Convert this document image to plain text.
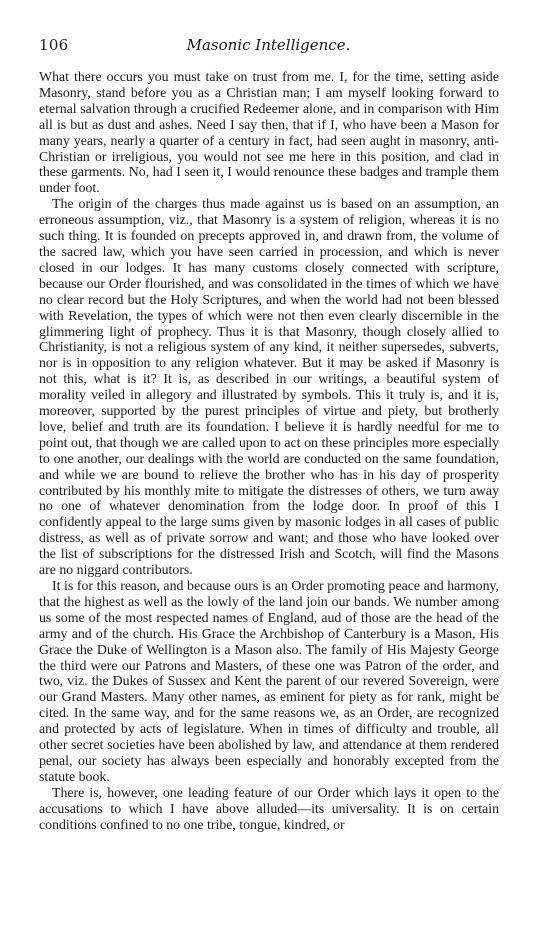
106	Masonic Intelligence.

What there occurs you must take on trust from me. I, for the time, setting aside Masonry, stand before you as a Christian man; I am myself looking forward to eternal salvation through a crucified Redeemer alone, and in comparison with Him all is but as dust and ashes. Need I say then, that if I, who have been a Mason for many years, nearly a quarter of a century in fact, had seen aught in masonry, anti-Christian or irreligious, you would not see me here in this position, and clad in these garments. No, had I seen it, I would renounce these badges and trample them under foot.

The origin of the charges thus made against us is based on an assumption, an erroneous assumption, viz., that Masonry is a system of religion, whereas it is no such thing. It is founded on precepts approved in, and drawn from, the volume of the sacred law, which you have seen carried in procession, and which is never closed in our lodges. It has many customs closely connected with scripture, because our Order flourished, and was consolidated in the times of which we have no clear record but the Holy Scriptures, and when the world had not been blessed with Revelation, the types of which were not then even clearly discernible in the glimmering light of prophecy. Thus it is that Masonry, though closely allied to Christianity, is not a religious system of any kind, it neither supersedes, subverts, nor is in opposition to any religion whatever. But it may be asked if Masonry is not this, what is it? It is, as described in our writings, a beautiful system of morality veiled in allegory and illustrated by symbols. This it truly is, and it is, moreover, supported by the purest principles of virtue and piety, but brotherly love, belief and truth are its foundation. I believe it is hardly needful for me to point out, that though we are called upon to act on these principles more especially to one another, our dealings with the world are conducted on the same foundation, and while we are bound to relieve the brother who has in his day of prosperity contributed by his monthly mite to mitigate the distresses of others, we turn away no one of whatever denomination from the lodge door. In proof of this I confidently appeal to the large sums given by masonic lodges in all cases of public distress, as well as of private sorrow and want; and those who have looked over the list of subscriptions for the distressed Irish and Scotch, will find the Masons are no niggard contributors.

It is for this reason, and because ours is an Order promoting peace and harmony, that the highest as well as the lowly of the land join our bands. We number among us some of the most respected names of England, aud of those are the head of the army and of the church. His Grace the Archbishop of Canterbury is a Mason, His Grace the Duke of Wellington is a Mason also. The family of His Majesty George the third were our Patrons and Masters, of these one was Patron of the order, and two, viz. the Dukes of Sussex and Kent the parent of our revered Sovereign, were our Grand Masters. Many other names, as eminent for piety as for rank, might be cited. In the same way, and for the same reasons we, as an Order, are recognized and protected by acts of legislature. When in times of difficulty and trouble, all other secret societies have been abolished by law, and attendance at them rendered penal, our society has always been especially and honorably excepted from the statute book.

There is, however, one leading feature of our Order which lays it open to the accusations to which I have above alluded—its universality. It is on certain conditions confined to no one tribe, tongue, kindred, or
